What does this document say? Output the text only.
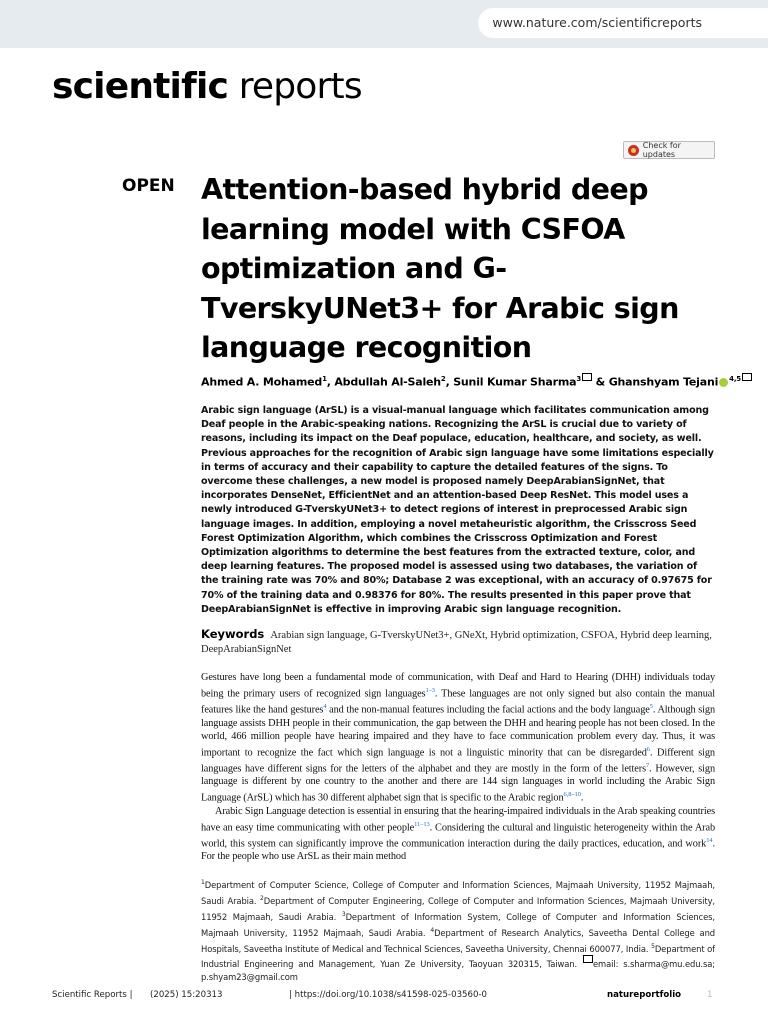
www.nature.com/scientificreports
scientific reports
Check for updates
OPEN Attention-based hybrid deep learning model with CSFOA optimization and G-TverskyUNet3+ for Arabic sign language recognition
Ahmed A. Mohamed$^1$, Abdullah Al-Saleh$^2$, Sunil Kumar Sharma$^3$ & Ghanshyam Tejani $^{4,5}$

Arabic sign language (ArSL) is a visual-manual language which facilitates communication among Deaf people in the Arabic-speaking nations. Recognizing the ArSL is crucial due to variety of reasons, including its impact on the Deaf populace, education, healthcare, and society, as well. Previous approaches for the recognition of Arabic sign language have some limitations especially in terms of accuracy and their capability to capture the detailed features of the signs. To overcome these challenges, a new model is proposed namely DeepArabianSignNet, that incorporates DenseNet, EfficientNet and an attention-based Deep ResNet. This model uses a newly introduced G-TverskyUNet3+ to detect regions of interest in preprocessed Arabic sign language images. In addition, employing a novel metaheuristic algorithm, the Crisscross Seed Forest Optimization Algorithm, which combines the Crisscross Optimization and Forest Optimization algorithms to determine the best features from the extracted texture, color, and deep learning features. The proposed model is assessed using two databases, the variation of the training rate was 70% and 80%; Database 2 was exceptional, with an accuracy of 0.97675 for 70% of the training data and 0.98376 for 80%. The results presented in this paper prove that DeepArabianSignNet is effective in improving Arabic sign language recognition.

Keywords Arabian sign language, G-TverskyUNet3+, GNeXt, Hybrid optimization, CSFOA, Hybrid deep learning, DeepArabianSignNet

Gestures have long been a fundamental mode of communication, with Deaf and Hard to Hearing (DHH) individuals today being the primary users of recognized sign languages$^{1-3}$. These languages are not only signed but also contain the manual features like the hand gestures$^4$ and the non-manual features including the facial actions and the body language$^5$. Although sign language assists DHH people in their communication, the gap between the DHH and hearing people has not been closed. In the world, 466 million people have hearing impaired and they have to face communication problem every day. Thus, it was important to recognize the fact which sign language is not a linguistic minority that can be disregarded$^6$. Different sign languages have different signs for the letters of the alphabet and they are mostly in the form of the letters$^7$. However, sign language is different by one country to the another and there are 144 sign languages in world including the Arabic Sign Language (ArSL) which has 30 different alphabet sign that is specific to the Arabic region$^{6,8-10}$.

Arabic Sign Language detection is essential in ensuring that the hearing-impaired individuals in the Arab speaking countries have an easy time communicating with other people$^{11-13}$. Considering the cultural and linguistic heterogeneity within the Arab world, this system can significantly improve the communication interaction during the daily practices, education, and work$^{14}$. For the people who use ArSL as their main method

$^1$Department of Computer Science, College of Computer and Information Sciences, Majmaah University, 11952 Majmaah, Saudi Arabia. $^2$Department of Computer Engineering, College of Computer and Information Sciences, Majmaah University, 11952 Majmaah, Saudi Arabia. $^3$Department of Information System, College of Computer and Information Sciences, Majmaah University, 11952 Majmaah, Saudi Arabia. $^4$Department of Research Analytics, Saveetha Dental College and Hospitals, Saveetha Institute of Medical and Technical Sciences, Saveetha University, Chennai 600077, India. $^5$Department of Industrial Engineering and Management, Yuan Ze University, Taoyuan 320315, Taiwan. email: s.sharma@mu.edu.sa; p.shyam23@gmail.com
Scientific Reports | (2025) 15:20313	| https://doi.org/10.1038/s41598-025-03560-0	natureportfolio	1
